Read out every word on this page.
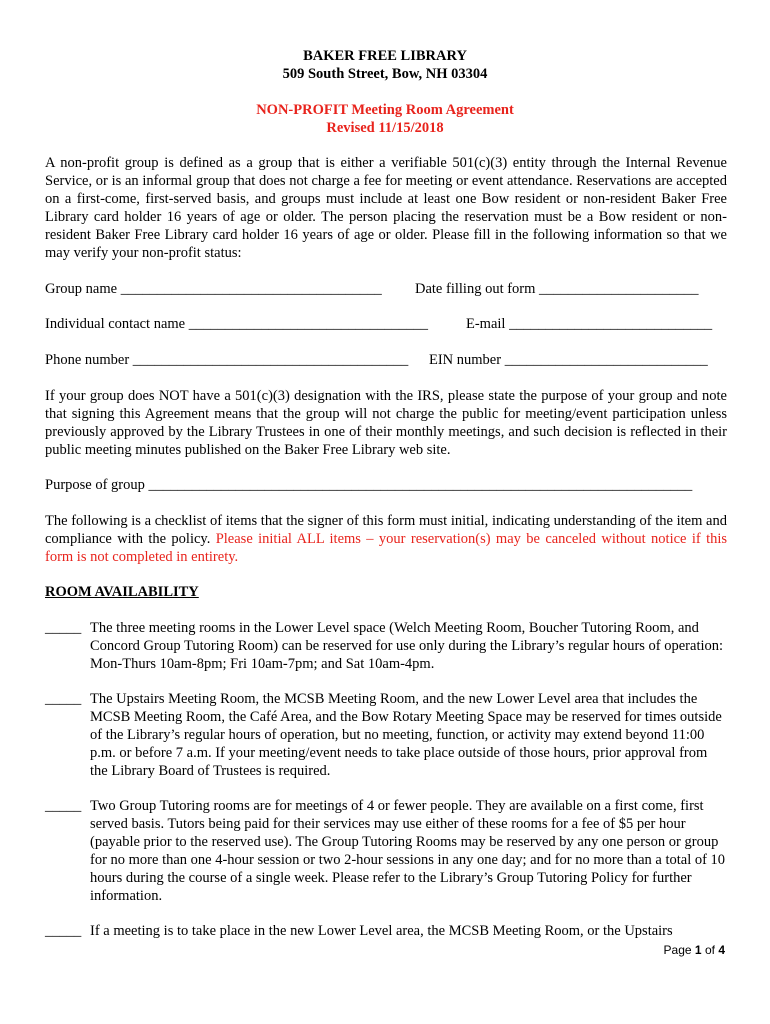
BAKER FREE LIBRARY
509 South Street, Bow, NH 03304
NON-PROFIT Meeting Room Agreement
Revised 11/15/2018
A non-profit group is defined as a group that is either a verifiable 501(c)(3) entity through the Internal Revenue Service, or is an informal group that does not charge a fee for meeting or event attendance. Reservations are accepted on a first-come, first-served basis, and groups must include at least one Bow resident or non-resident Baker Free Library card holder 16 years of age or older. The person placing the reservation must be a Bow resident or non-resident Baker Free Library card holder 16 years of age or older. Please fill in the following information so that we may verify your non-profit status:
Group name ____________________________________ Date filling out form ______________________
Individual contact name _________________________________	E-mail ____________________________
Phone number ______________________________________ EIN number ____________________________
If your group does NOT have a 501(c)(3) designation with the IRS, please state the purpose of your group and note that signing this Agreement means that the group will not charge the public for meeting/event participation unless previously approved by the Library Trustees in one of their monthly meetings, and such decision is reflected in their public meeting minutes published on the Baker Free Library web site.
Purpose of group ___________________________________________________________________________
The following is a checklist of items that the signer of this form must initial, indicating understanding of the item and compliance with the policy. Please initial ALL items – your reservation(s) may be canceled without notice if this form is not completed in entirety.
ROOM AVAILABILITY
_____ The three meeting rooms in the Lower Level space (Welch Meeting Room, Boucher Tutoring Room, and Concord Group Tutoring Room) can be reserved for use only during the Library’s regular hours of operation: Mon-Thurs 10am-8pm; Fri 10am-7pm; and Sat 10am-4pm.
_____ The Upstairs Meeting Room, the MCSB Meeting Room, and the new Lower Level area that includes the MCSB Meeting Room, the Café Area, and the Bow Rotary Meeting Space may be reserved for times outside of the Library’s regular hours of operation, but no meeting, function, or activity may extend beyond 11:00 p.m. or before 7 a.m. If your meeting/event needs to take place outside of those hours, prior approval from the Library Board of Trustees is required.
_____ Two Group Tutoring rooms are for meetings of 4 or fewer people. They are available on a first come, first served basis. Tutors being paid for their services may use either of these rooms for a fee of $5 per hour (payable prior to the reserved use). The Group Tutoring Rooms may be reserved by any one person or group for no more than one 4-hour session or two 2-hour sessions in any one day; and for no more than a total of 10 hours during the course of a single week. Please refer to the Library’s Group Tutoring Policy for further information.
_____ If a meeting is to take place in the new Lower Level area, the MCSB Meeting Room, or the Upstairs
Page 1 of 4
